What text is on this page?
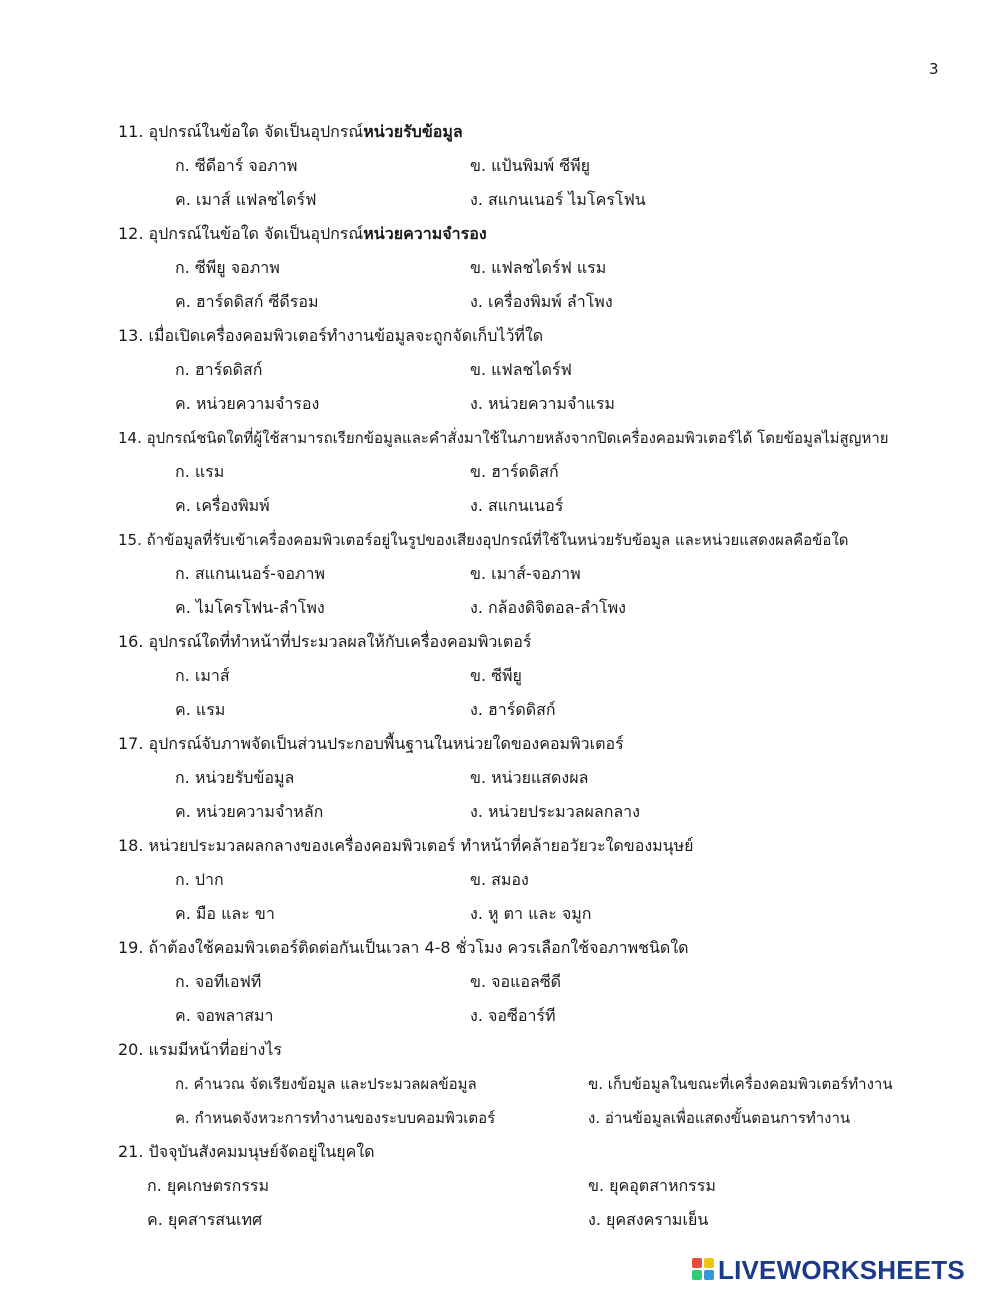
3
11. อุปกรณ์ในข้อใด จัดเป็นอุปกรณ์หน่วยรับข้อมูล
ก. ซีดีอาร์ จอภาพ	ข. แป้นพิมพ์ ซีพียู
ค. เมาส์ แฟลชไดร์ฟ	ง. สแกนเนอร์ ไมโครโฟน
12. อุปกรณ์ในข้อใด จัดเป็นอุปกรณ์หน่วยความจำรอง
ก. ซีพียู จอภาพ	ข. แฟลชไดร์ฟ แรม
ค. ฮาร์ดดิสก์ ซีดีรอม	ง. เครื่องพิมพ์ ลำโพง
13. เมื่อเปิดเครื่องคอมพิวเตอร์ทำงานข้อมูลจะถูกจัดเก็บไว้ที่ใด
ก. ฮาร์ดดิสก์	ข. แฟลชไดร์ฟ
ค. หน่วยความจำรอง	ง. หน่วยความจำแรม
14. อุปกรณ์ชนิดใดที่ผู้ใช้สามารถเรียกข้อมูลและคำสั่งมาใช้ในภายหลังจากปิดเครื่องคอมพิวเตอร์ได้ โดยข้อมูลไม่สูญหาย
ก. แรม	ข. ฮาร์ดดิสก์
ค. เครื่องพิมพ์	ง. สแกนเนอร์
15. ถ้าข้อมูลที่รับเข้าเครื่องคอมพิวเตอร์อยู่ในรูปของเสียงอุปกรณ์ที่ใช้ในหน่วยรับข้อมูล และหน่วยแสดงผลคือข้อใด
ก. สแกนเนอร์-จอภาพ	ข. เมาส์-จอภาพ
ค. ไมโครโฟน-ลำโพง	ง. กล้องดิจิตอล-ลำโพง
16. อุปกรณ์ใดที่ทำหน้าที่ประมวลผลให้กับเครื่องคอมพิวเตอร์
ก. เมาส์	ข. ซีพียู
ค. แรม	ง. ฮาร์ดดิสก์
17. อุปกรณ์จับภาพจัดเป็นส่วนประกอบพื้นฐานในหน่วยใดของคอมพิวเตอร์
ก. หน่วยรับข้อมูล	ข. หน่วยแสดงผล
ค. หน่วยความจำหลัก	ง. หน่วยประมวลผลกลาง
18. หน่วยประมวลผลกลางของเครื่องคอมพิวเตอร์ ทำหน้าที่คล้ายอวัยวะใดของมนุษย์
ก. ปาก	ข. สมอง
ค. มือ และ ขา	ง. หู ตา และ จมูก
19. ถ้าต้องใช้คอมพิวเตอร์ติดต่อกันเป็นเวลา 4-8 ชั่วโมง ควรเลือกใช้จอภาพชนิดใด
ก. จอทีเอฟที	ข. จอแอลซีดี
ค. จอพลาสมา	ง. จอซีอาร์ที
20. แรมมีหน้าที่อย่างไร
ก. คำนวณ จัดเรียงข้อมูล และประมวลผลข้อมูล	ข. เก็บข้อมูลในขณะที่เครื่องคอมพิวเตอร์ทำงาน
ค. กำหนดจังหวะการทำงานของระบบคอมพิวเตอร์	ง. อ่านข้อมูลเพื่อแสดงขั้นตอนการทำงาน
21. ปัจจุบันสังคมมนุษย์จัดอยู่ในยุคใด
ก. ยุคเกษตรกรรม	ข. ยุคอุตสาหกรรม
ค. ยุคสารสนเทศ	ง. ยุคสงครามเย็น
LIVEWORKSHEETS
